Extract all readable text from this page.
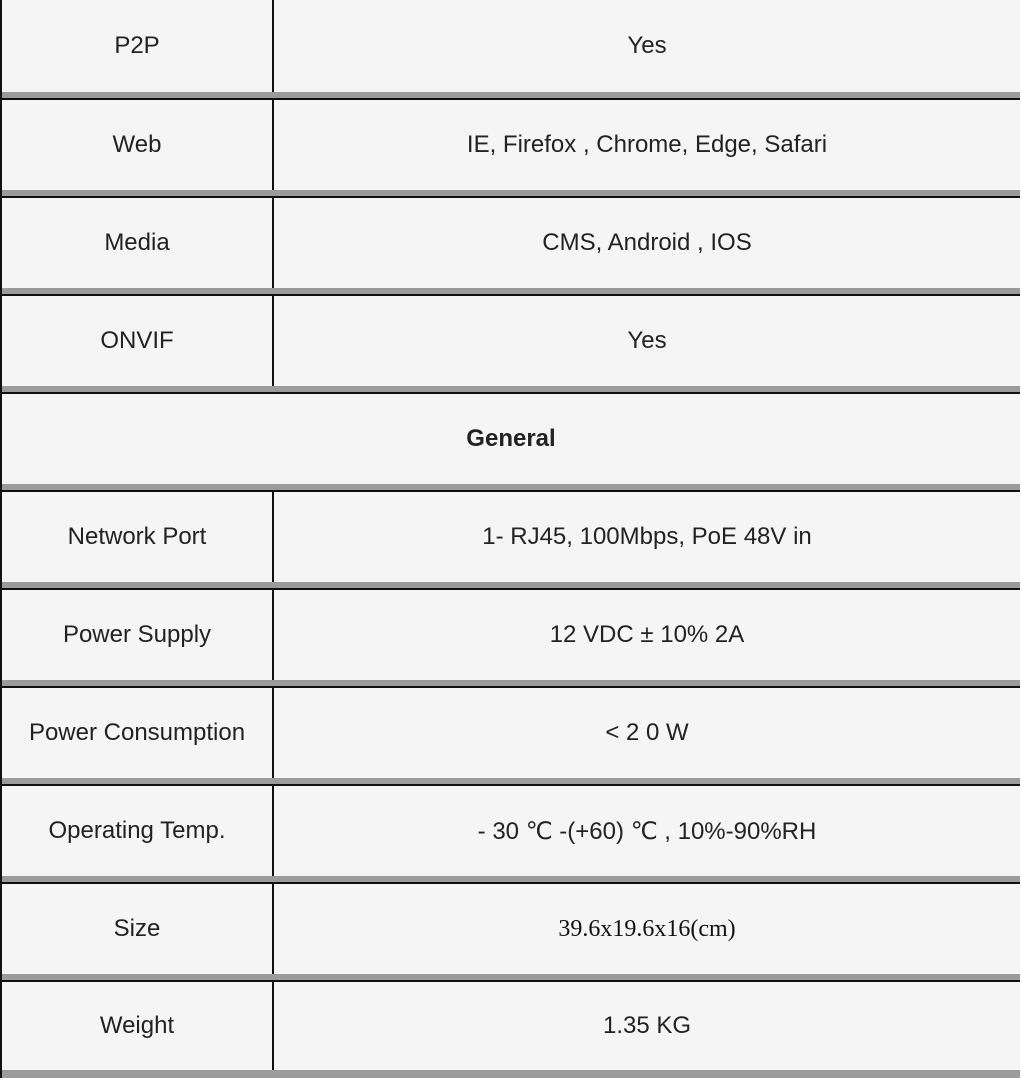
P2P	Yes
Web	IE, Firefox , Chrome, Edge, Safari
Media	CMS, Android , IOS
ONVIF	Yes
General
Network Port	1- RJ45, 100Mbps, PoE 48V in
Power Supply	12 VDC ± 10% 2A
Power Consumption	< 2 0 W
Operating Temp.	- 30 ℃ -(+60) ℃ , 10%-90%RH
Size	39.6x19.6x16(cm)
Weight	1.35 KG
